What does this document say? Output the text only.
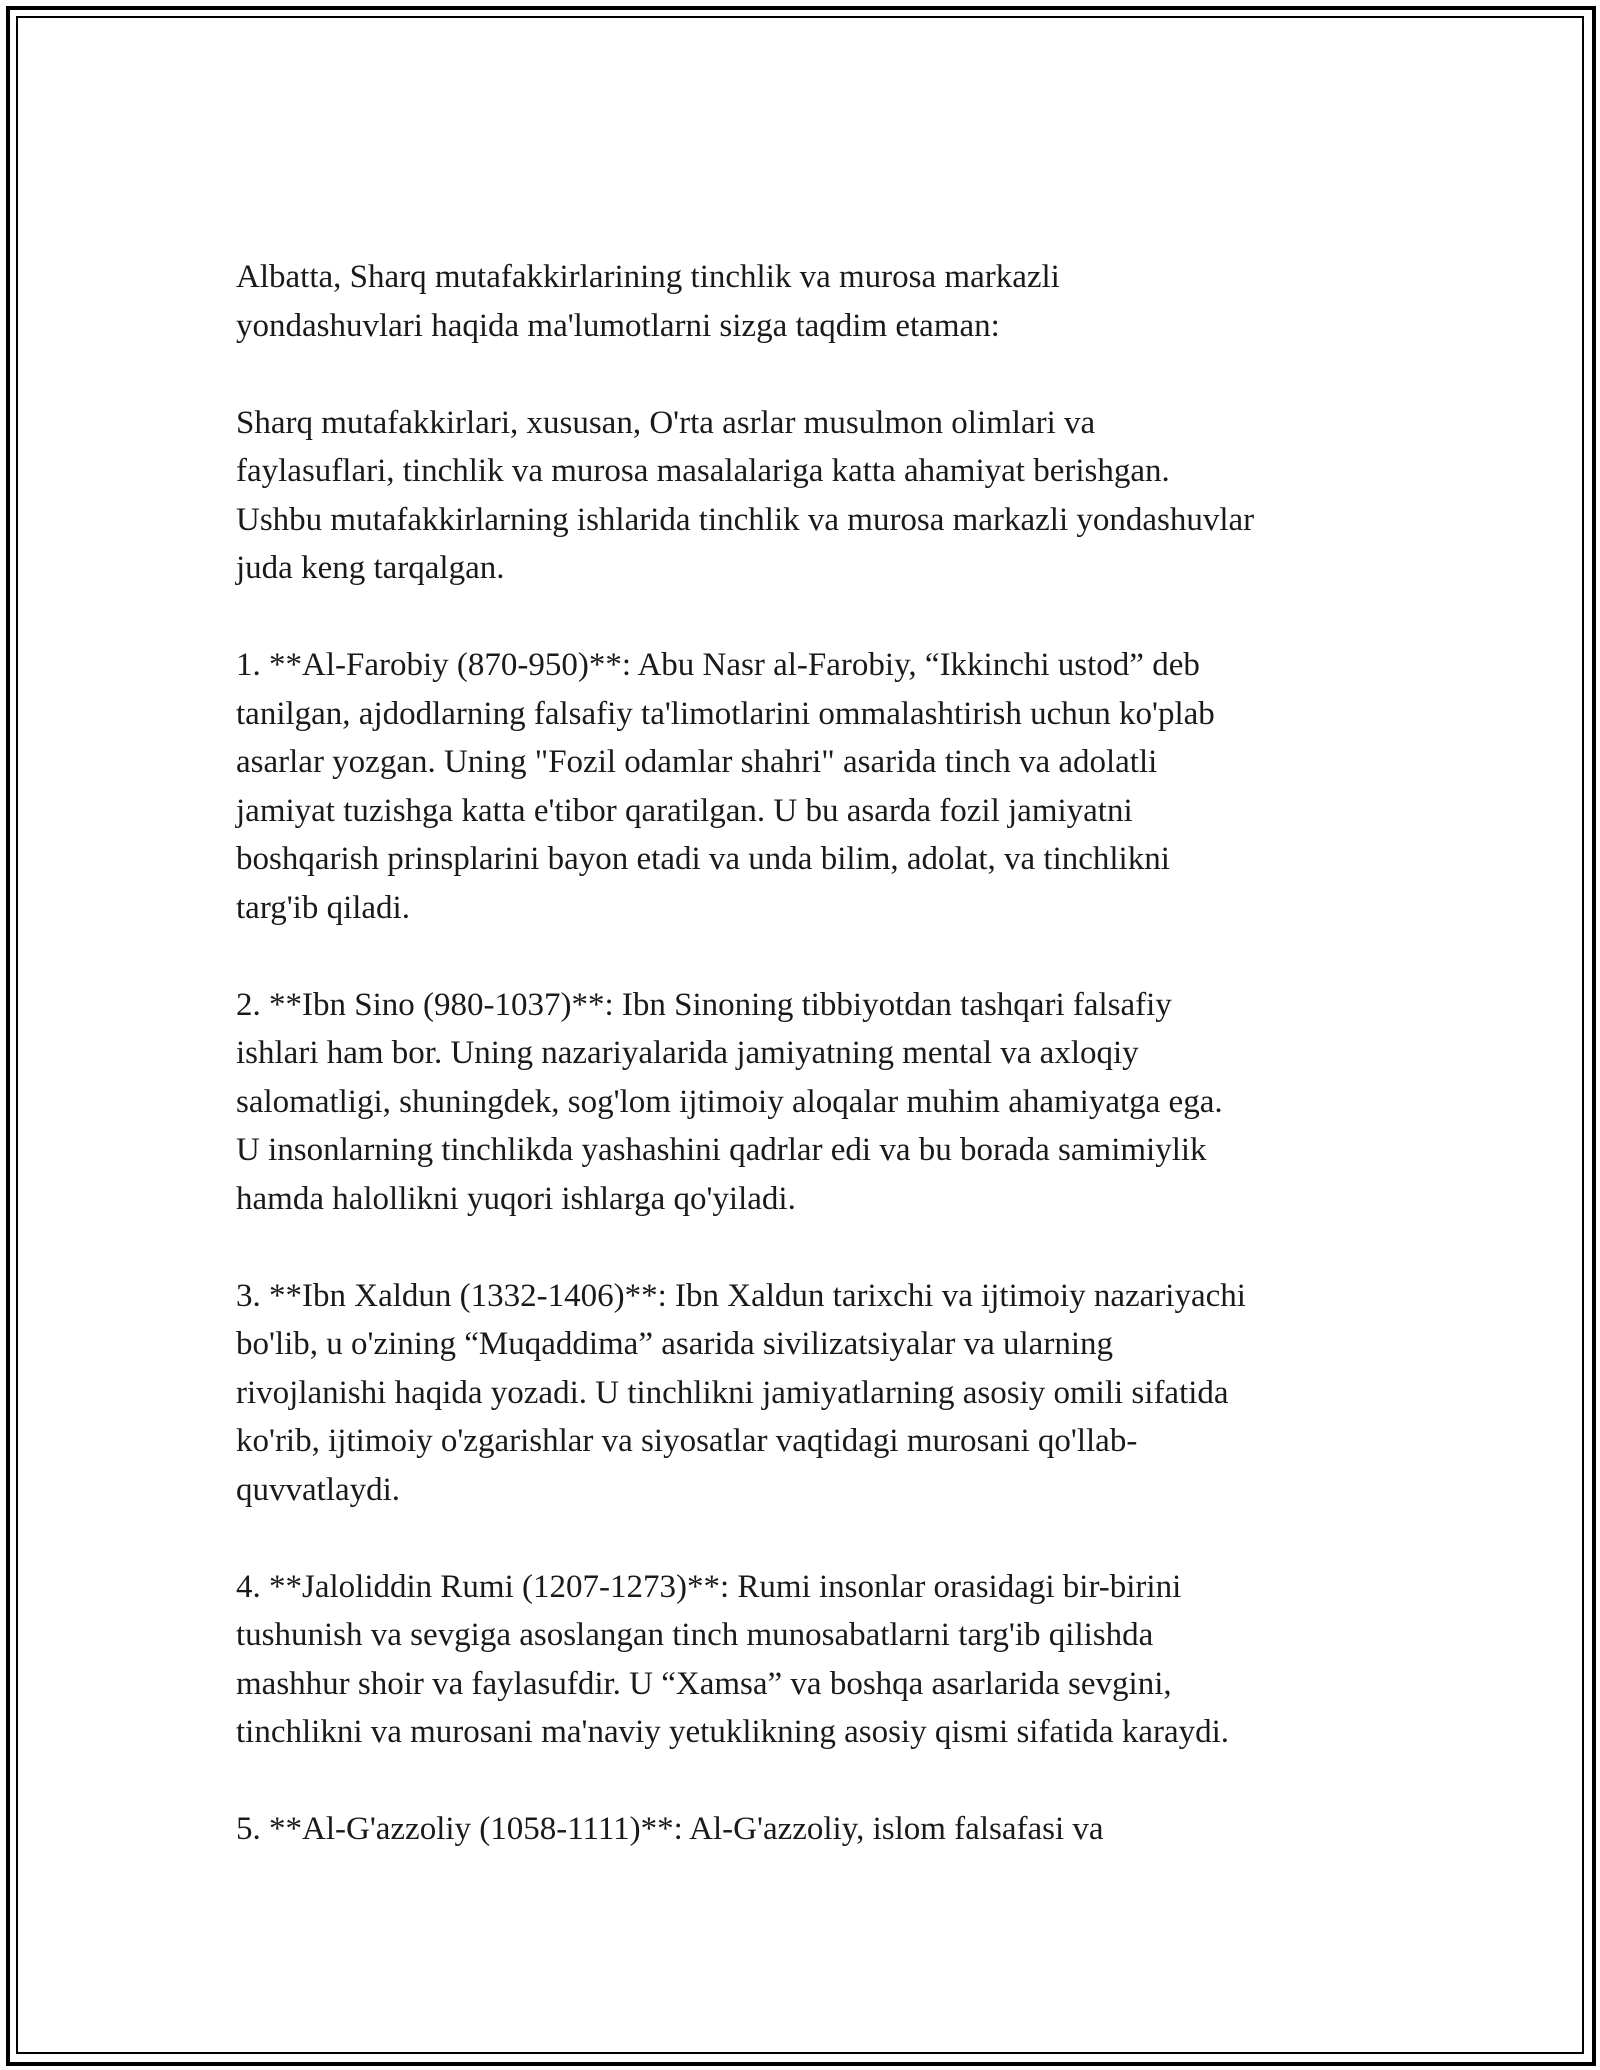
Albatta, Sharq mutafakkirlarining tinchlik va murosa markazli
yondashuvlari haqida ma'lumotlarni sizga taqdim etaman:

Sharq mutafakkirlari, xususan, O'rta asrlar musulmon olimlari va
faylasuflari, tinchlik va murosa masalalariga katta ahamiyat berishgan.
Ushbu mutafakkirlarning ishlarida tinchlik va murosa markazli yondashuvlar
juda keng tarqalgan.

1. **Al-Farobiy (870-950)**: Abu Nasr al-Farobiy, “Ikkinchi ustod” deb
tanilgan, ajdodlarning falsafiy ta'limotlarini ommalashtirish uchun ko'plab
asarlar yozgan. Uning "Fozil odamlar shahri" asarida tinch va adolatli
jamiyat tuzishga katta e'tibor qaratilgan. U bu asarda fozil jamiyatni
boshqarish prinsplarini bayon etadi va unda bilim, adolat, va tinchlikni
targ'ib qiladi.

2. **Ibn Sino (980-1037)**: Ibn Sinoning tibbiyotdan tashqari falsafiy
ishlari ham bor. Uning nazariyalarida jamiyatning mental va axloqiy
salomatligi, shuningdek, sog'lom ijtimoiy aloqalar muhim ahamiyatga ega.
U insonlarning tinchlikda yashashini qadrlar edi va bu borada samimiylik
hamda halollikni yuqori ishlarga qo'yiladi.

3. **Ibn Xaldun (1332-1406)**: Ibn Xaldun tarixchi va ijtimoiy nazariyachi
bo'lib, u o'zining “Muqaddima” asarida sivilizatsiyalar va ularning
rivojlanishi haqida yozadi. U tinchlikni jamiyatlarning asosiy omili sifatida
ko'rib, ijtimoiy o'zgarishlar va siyosatlar vaqtidagi murosani qo'llab-
quvvatlaydi.

4. **Jaloliddin Rumi (1207-1273)**: Rumi insonlar orasidagi bir-birini
tushunish va sevgiga asoslangan tinch munosabatlarni targ'ib qilishda
mashhur shoir va faylasufdir. U “Xamsa” va boshqa asarlarida sevgini,
tinchlikni va murosani ma'naviy yetuklikning asosiy qismi sifatida karaydi.

5. **Al-G'azzoliy (1058-1111)**: Al-G'azzoliy, islom falsafasi va
